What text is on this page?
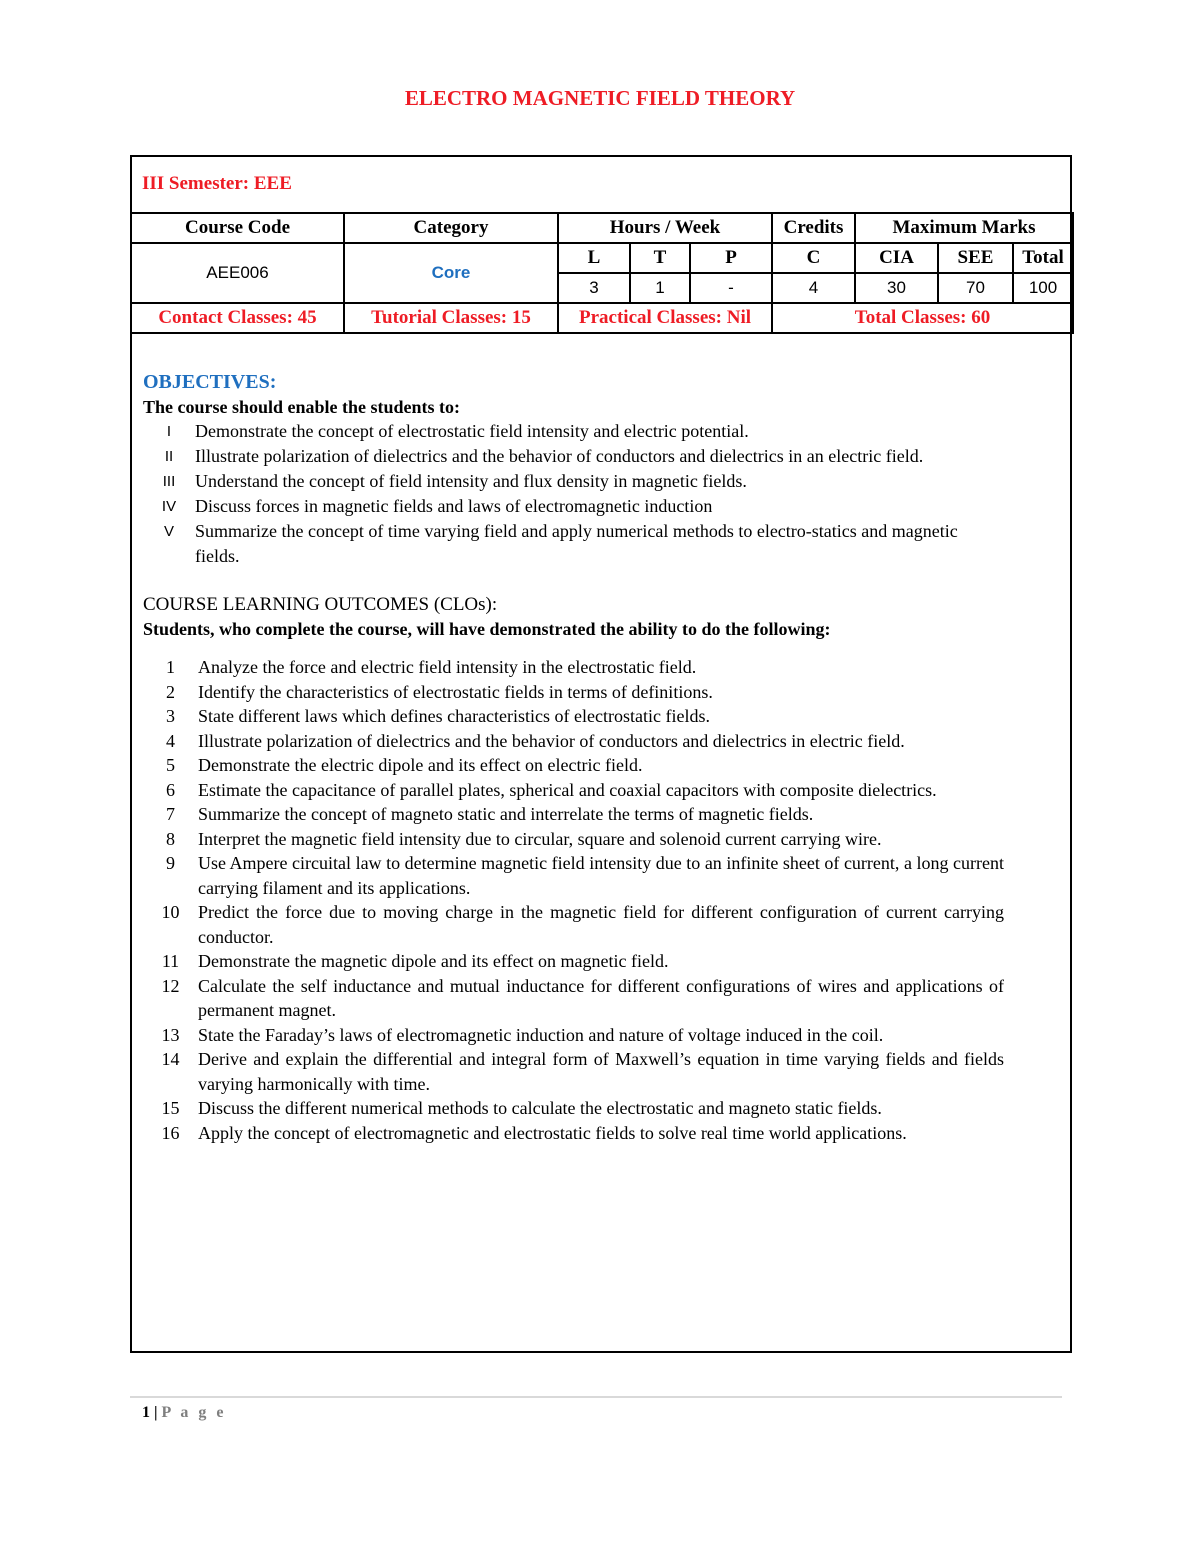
ELECTRO MAGNETIC FIELD THEORY
III Semester: EEE
Course Code	Category	Hours / Week			Credits	Maximum Marks		
AEE006	Core	L	T	P	C	CIA	SEE	Total
		3	1	-	4	30	70	100
Contact Classes: 45	Tutorial Classes: 15	Practical Classes: Nil			Total Classes: 60			
OBJECTIVES:
The course should enable the students to:
I	Demonstrate the concept of electrostatic field intensity and electric potential.
II	Illustrate polarization of dielectrics and the behavior of conductors and dielectrics in an electric field.
III	Understand the concept of field intensity and flux density in magnetic fields.
IV	Discuss forces in magnetic fields and laws of electromagnetic induction
V	Summarize the concept of time varying field and apply numerical methods to electro-statics and magnetic fields.
COURSE LEARNING OUTCOMES (CLOs):
Students, who complete the course, will have demonstrated the ability to do the following:
1	Analyze the force and electric field intensity in the electrostatic field.
2	Identify the characteristics of electrostatic fields in terms of definitions.
3	State different laws which defines characteristics of electrostatic fields.
4	Illustrate polarization of dielectrics and the behavior of conductors and dielectrics in electric field.
5	Demonstrate the electric dipole and its effect on electric field.
6	Estimate the capacitance of parallel plates, spherical and coaxial capacitors with composite dielectrics.
7	Summarize the concept of magneto static and interrelate the terms of magnetic fields.
8	Interpret the magnetic field intensity due to circular, square and solenoid current carrying wire.
9	Use Ampere circuital law to determine magnetic field intensity due to an infinite sheet of current, a long current carrying filament and its applications.
10	Predict the force due to moving charge in the magnetic field for different configuration of current carrying conductor.
11	Demonstrate the magnetic dipole and its effect on magnetic field.
12	Calculate the self inductance and mutual inductance for different configurations of wires and applications of permanent magnet.
13	State the Faraday’s laws of electromagnetic induction and nature of voltage induced in the coil.
14	Derive and explain the differential and integral form of Maxwell’s equation in time varying fields and fields varying harmonically with time.
15	Discuss the different numerical methods to calculate the electrostatic and magneto static fields.
16	Apply the concept of electromagnetic and electrostatic fields to solve real time world applications.
1 | P a g e
